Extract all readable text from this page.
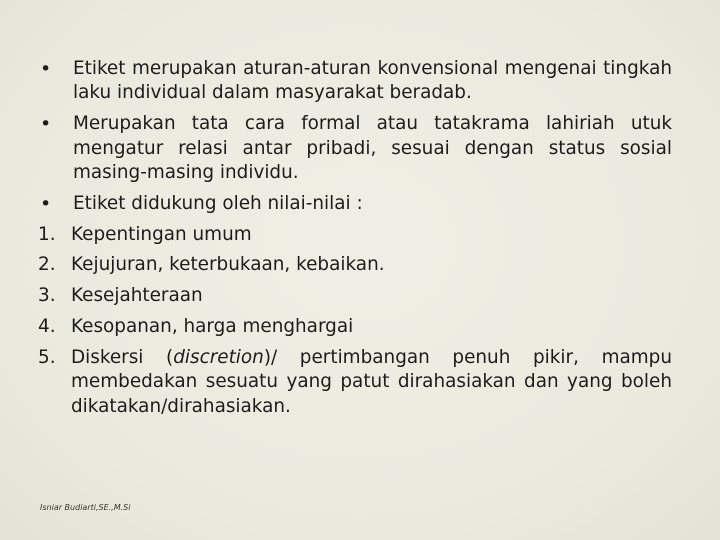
•	Etiket merupakan aturan-aturan konvensional mengenai tingkah laku individual dalam masyarakat beradab.
•	Merupakan tata cara formal atau tatakrama lahiriah utuk mengatur relasi antar pribadi, sesuai dengan status sosial masing-masing individu.
•	Etiket didukung oleh nilai-nilai :
1. Kepentingan umum
2. Kejujuran, keterbukaan, kebaikan.
3. Kesejahteraan
4. Kesopanan, harga menghargai
5. Diskersi (discretion)/ pertimbangan penuh pikir, mampu membedakan sesuatu yang patut dirahasiakan dan yang boleh dikatakan/dirahasiakan.
Isniar Budiarti,SE.,M.Si
